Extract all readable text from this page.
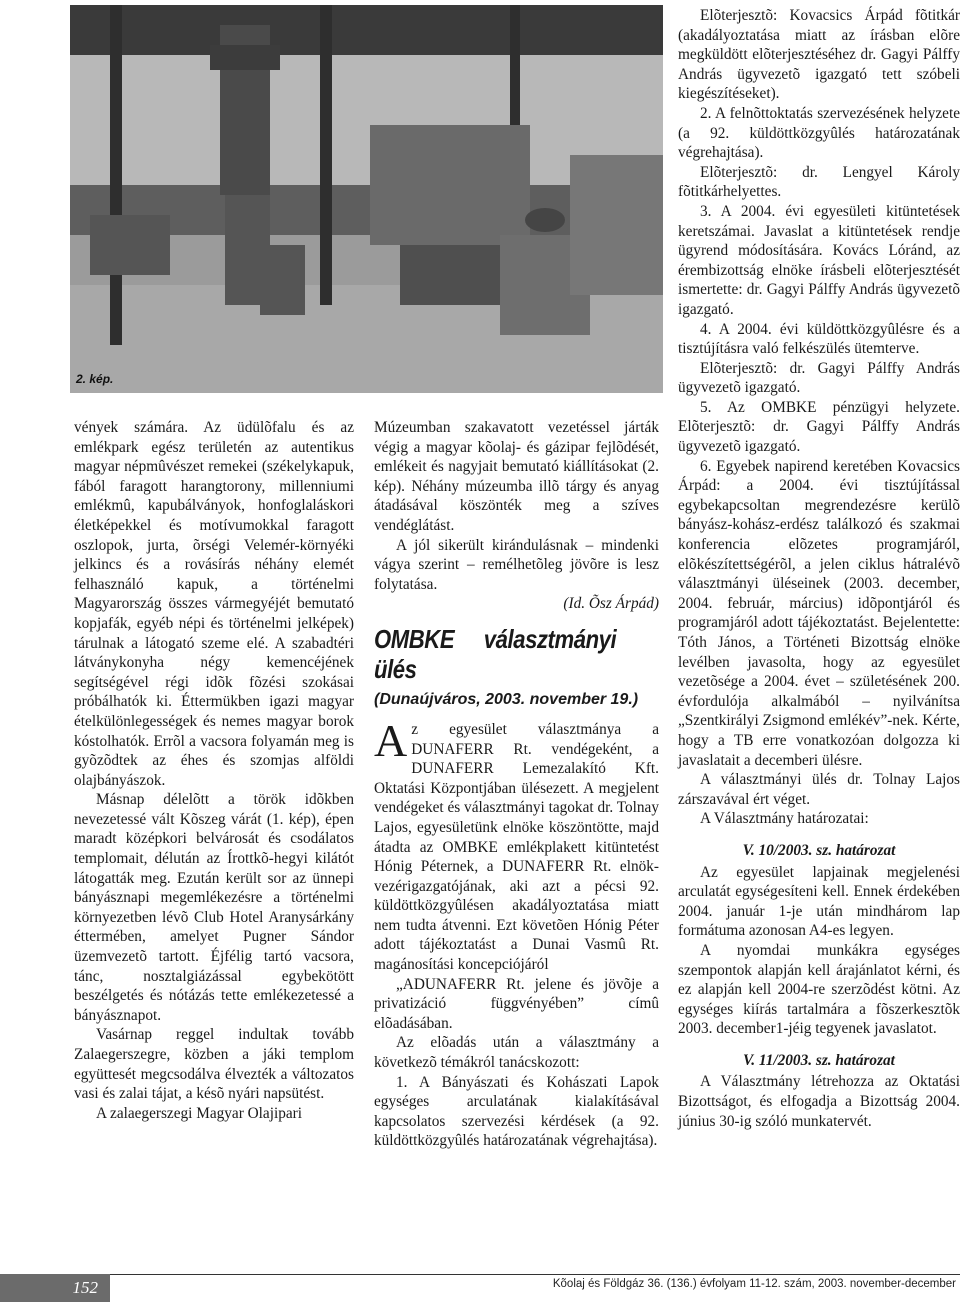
2. kép.

vények számára. Az üdülõfalu és az emlékpark egész területén az autentikus magyar népmûvészet remekei (székelykapuk, fából faragott harangtorony, millenniumi emlékmû, kapubálványok, honfoglaláskori életképekkel és motívumokkal faragott oszlopok, jurta, õrségi Velemér-környéki jelkincs és a rovásírás néhány elemét felhasználó kapuk, a történelmi Magyarország összes vármegyéjét bemutató kopjafák, egyéb népi és történelmi jelképek) tárulnak a látogató szeme elé. A szabadtéri látványkonyha négy kemencéjének segítségével régi idõk fõzési szokásai próbálhatók ki. Éttermükben igazi magyar ételkülönlegességek és nemes magyar borok kóstolhatók. Errõl a vacsora folyamán meg is gyõzõdtek az éhes és szomjas alföldi olajbányászok.

Másnap délelõtt a török idõkben nevezetessé vált Kõszeg várát (1. kép), épen maradt középkori belvárosát és csodálatos templomait, délután az Írottkõ-hegyi kilátót látogatták meg. Ezután került sor az ünnepi bányásznapi megemlékezésre a történelmi környezetben lévõ Club Hotel Aranysárkány éttermében, amelyet Pugner Sándor üzemvezetõ tartott. Éjfélig tartó vacsora, tánc, nosztalgiázással egybekötött beszélgetés és nótázás tette emlékezetessé a bányásznapot.

Vasárnap reggel indultak tovább Zalaegerszegre, közben a jáki templom együttesét megcsodálva élvezték a változatos vasi és zalai tájat, a késõ nyári napsütést.

A zalaegerszegi Magyar Olajipari

Múzeumban szakavatott vezetéssel járták végig a magyar kõolaj- és gázipar fejlõdését, emlékeit és nagyjait bemutató kiállításokat (2. kép). Néhány múzeumba illõ tárgy és anyag átadásával köszönték meg a szíves vendéglátást.

A jól sikerült kirándulásnak – mindenki vágya szerint – remélhetõleg jövõre is lesz folytatása.

(Id. Õsz Árpád)

OMBKE választmányi ülés
(Dunaújváros, 2003. november 19.)

Az egyesület választmánya a DUNAFERR Rt. vendégeként, a DUNAFERR Lemezalakító Kft. Oktatási Központjában ülésezett. A megjelent vendégeket és választmányi tagokat dr. Tolnay Lajos, egyesületünk elnöke köszöntötte, majd átadta az OMBKE emlékplakett kitüntetést Hónig Péternek, a DUNAFERR Rt. elnök-vezérigazgatójának, aki azt a pécsi 92. küldöttközgyûlésen akadályoztatása miatt nem tudta átvenni. Ezt követõen Hónig Péter adott tájékoztatást a Dunai Vasmû Rt. magánosítási koncepciójáról

„ADUNAFERR Rt. jelene és jövõje a privatizáció függvényében” címû elõadásában.

Az elõadás után a választmány a következõ témákról tanácskozott:

1. A Bányászati és Kohászati Lapok egységes arculatának kialakításával kapcsolatos szervezési kérdések (a 92. küldöttközgyûlés határozatának végrehajtása).

Elõterjesztõ: Kovacsics Árpád fõtitkár (akadályoztatása miatt az írásban elõre megküldött elõterjesztéséhez dr. Gagyi Pálffy András ügyvezetõ igazgató tett szóbeli kiegészítéseket).

2. A felnõttoktatás szervezésének helyzete (a 92. küldöttközgyûlés határozatának végrehajtása).

Elõterjesztõ: dr. Lengyel Károly fõtitkárhelyettes.

3. A 2004. évi egyesületi kitüntetések keretszámai. Javaslat a kitüntetések rendje ügyrend módosítására. Kovács Lóránd, az érembizottság elnöke írásbeli elõterjesztését ismertette: dr. Gagyi Pálffy András ügyvezetõ igazgató.

4. A 2004. évi küldöttközgyûlésre és a tisztújításra való felkészülés ütemterve.

Elõterjesztõ: dr. Gagyi Pálffy András ügyvezetõ igazgató.

5. Az OMBKE pénzügyi helyzete. Elõterjesztõ: dr. Gagyi Pálffy András ügyvezetõ igazgató.

6. Egyebek napirend keretében Kovacsics Árpád: a 2004. évi tisztújítással egybekapcsoltan megrendezésre kerülõ bányász-kohász-erdész találkozó és szakmai konferencia elõzetes programjáról, elõkészítettségérõl, a jelen ciklus hátralévõ választmányi üléseinek (2003. december, 2004. február, március) idõpontjáról és programjáról adott tájékoztatást. Bejelentette: Tóth János, a Történeti Bizottság elnöke levélben javasolta, hogy az egyesület vezetõsége a 2004. évet – születésének 200. évfordulója alkalmából – nyilvánítsa „Szentkirályi Zsigmond emlékév”-nek. Kérte, hogy a TB erre vonatkozóan dolgozza ki javaslatait a decemberi ülésre.

A választmányi ülés dr. Tolnay Lajos zárszavával ért véget.

A Választmány határozatai:

V. 10/2003. sz. határozat

Az egyesület lapjainak megjelenési arculatát egységesíteni kell. Ennek érdekében 2004. január 1-je után mindhárom lap formátuma azonosan A4-es legyen.

A nyomdai munkákra egységes szempontok alapján kell árajánlatot kérni, és ez alapján kell 2004-re szerzõdést kötni. Az egységes kiírás tartalmára a fõszerkesztõk 2003. december1-jéig tegyenek javaslatot.

V. 11/2003. sz. határozat

A Választmány létrehozza az Oktatási Bizottságot, és elfogadja a Bizottság 2004. június 30-ig szóló munkatervét.

152	Kõolaj és Földgáz 36. (136.) évfolyam 11-12. szám, 2003. november-december
